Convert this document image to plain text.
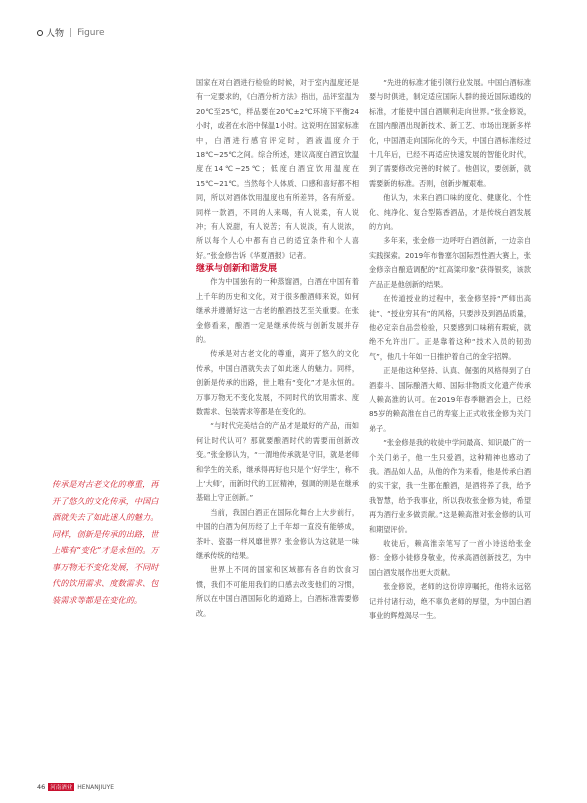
人物 | Figure
传承是对古老文化的尊重，再开了悠久的文化传承，中国白酒就失去了如此迷人的魅力。同样，创新是传承的出路，世上唯有“变化”才是永恒的。万事万物无不变化发展，不同时代的饮用需求、度数需求、包装需求等都是在变化的。

国家在对白酒进行检验的时候，对于室内温度还是有一定要求的，《白酒分析方法》指出，品评室温为20℃至25℃，样品要在20℃±2℃环境下平衡24小时，或者在水浴中保温1小时。这说明在国家标准中，白酒进行感官评定时，酒液温度介于18℃~25℃之间。综合所述，建议高度白酒宜饮温度在14℃~25℃；低度白酒宜饮用温度在15℃~21℃。当然每个人体质、口感和喜好都不相同，所以对酒体饮用温度也有所差异，各有所爱。同样一款酒，不同的人来喝，有人说柔，有人说冲；有人说甜，有人说苦；有人说淡，有人说浓，所以每个人心中都有自己的适宜条件和个人喜好。”张金修告诉《华夏酒报》记者。

继承与创新和谐发展

作为中国独有的一种蒸馏酒，白酒在中国有着上千年的历史和文化，对于很多酿酒师来说，如何继承并遵循好这一古老的酿酒技艺至关重要。在张金修看来，酿酒一定是继承传统与创新发展并存的。

传承是对古老文化的尊重，离开了悠久的文化传承，中国白酒就失去了如此迷人的魅力。同样，创新是传承的出路，世上唯有“变化”才是永恒的。万事万物无不变化发展，不同时代的饮用需求、度数需求、包装需求等都是在变化的。

“与时代完美结合的产品才是最好的产品，而如何让时代认可？那就要酿酒时代的需要而创新改变。”张金修认为，“一渭地传承就是守旧，就是老师和学生的关系，继承得再好也只是个‘好学生’，称不上‘大师’，而新时代的工匠精神，强调的则是在继承基础上守正创新。”

当前，我国白酒正在国际化舞台上大步前行，中国的白酒为何历经了上千年却一直没有能够成，茶叶、瓷器一样风靡世界？张金修认为这就是一味继承传统的结果。

世界上不同的国家和区域都有各自的饮食习惯，我们不可能用我们的口感去改变他们的习惯，所以在中国白酒国际化的道路上，白酒标准需要修改。

“先进的标准才能引领行业发展。中国白酒标准要与时俱进，制定适应国际人群的接近国际通线的标准，才能使中国白酒顺利走向世界。”张金修说，在国内酿酒出现新技术、新工艺、市场出现新多样化，中国酒走向国际化的今天，中国白酒标准经过十几年后，已经不再适应快速发展的智能化时代，到了需要修改完善的时候了。他倡议，要创新，就需要新的标准。否则，创新步履艰难。

他认为，未来白酒口味的度化、健康化、个性化、纯净化、复合型陈香酒品，才是传统白酒发展的方向。

多年来，张金修一边呼吁白酒创新，一边亲自实践探索。2019年布鲁塞尔国际烈性酒大赛上，张金修亲自酿造调配的“红高粱印象”获得银奖，该款产品正是他创新的结果。

在传道授业的过程中，张金修坚持“严师出高徒”、“授业穷其有”的风格，只要涉及到酒品质量，他必定亲自品尝检验，只要感到口味稍有瑕疵，就绝不允许出厂。正是靠着这种“技术入员的韧劲气”，他几十年如一日推护着自己的金字招牌。

正是他这种坚持、认真、倔强的风格得到了白酒泰斗、国际酿酒大师、国际非物质文化遗产传承人赖高淮的认可。在2019年春季糖酒会上，已经85岁的赖高淮在自己的寿宴上正式收张金修为关门弟子。

“张金修是我的收徒中学问最高、知识最广的一个关门弟子，他一生只爱酒，这种精神也感动了我。酒品如人品，从他的作为来看，他是传承白酒的实干家，我一生都在酿酒，是酒将养了我，给予我智慧，给予我事业，所以我收张金修为徒，希望再为酒行业多做贡献。”这是赖高淮对张金修的认可和期望评价。

收徒后，赖高淮亲笔写了一首小诗送给张金修：金修小徒修身敬业，传承高酒创新技艺，为中国白酒发展作出更大贡献。

张金修说，老师的这份谆谆嘱托，他将永远铭记并付诸行动，绝不辜负老师的厚望，为中国白酒事业的辉煌渴尽一生。

46 河南酒业 HENANJIUYE
